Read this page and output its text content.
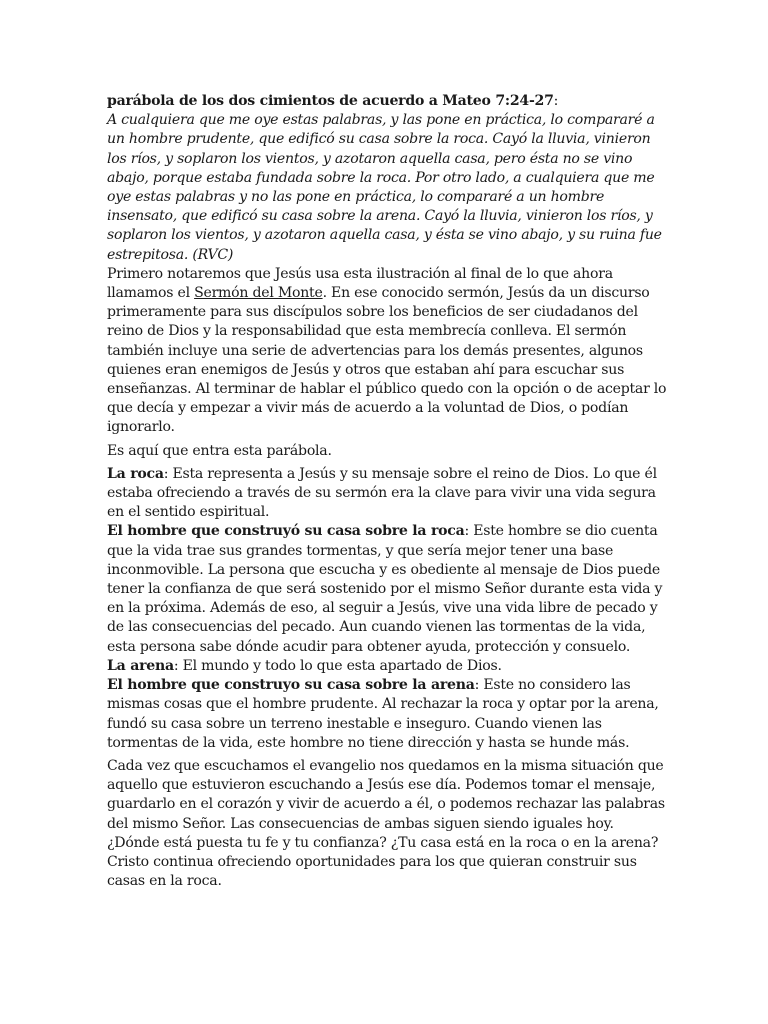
parábola de los dos cimientos de acuerdo a Mateo 7:24-27:

A cualquiera que me oye estas palabras, y las pone en práctica, lo compararé a un hombre prudente, que edificó su casa sobre la roca. Cayó la lluvia, vinieron los ríos, y soplaron los vientos, y azotaron aquella casa, pero ésta no se vino abajo, porque estaba fundada sobre la roca. Por otro lado, a cualquiera que me oye estas palabras y no las pone en práctica, lo compararé a un hombre insensato, que edificó su casa sobre la arena. Cayó la lluvia, vinieron los ríos, y soplaron los vientos, y azotaron aquella casa, y ésta se vino abajo, y su ruina fue estrepitosa. (RVC)

Primero notaremos que Jesús usa esta ilustración al final de lo que ahora llamamos el Sermón del Monte. En ese conocido sermón, Jesús da un discurso primeramente para sus discípulos sobre los beneficios de ser ciudadanos del reino de Dios y la responsabilidad que esta membrecía conlleva. El sermón también incluye una serie de advertencias para los demás presentes, algunos quienes eran enemigos de Jesús y otros que estaban ahí para escuchar sus enseñanzas. Al terminar de hablar el público quedo con la opción o de aceptar lo que decía y empezar a vivir más de acuerdo a la voluntad de Dios, o podían ignorarlo.

Es aquí que entra esta parábola.

La roca: Esta representa a Jesús y su mensaje sobre el reino de Dios. Lo que él estaba ofreciendo a través de su sermón era la clave para vivir una vida segura en el sentido espiritual.

El hombre que construyó su casa sobre la roca: Este hombre se dio cuenta que la vida trae sus grandes tormentas, y que sería mejor tener una base inconmovible. La persona que escucha y es obediente al mensaje de Dios puede tener la confianza de que será sostenido por el mismo Señor durante esta vida y en la próxima. Además de eso, al seguir a Jesús, vive una vida libre de pecado y de las consecuencias del pecado. Aun cuando vienen las tormentas de la vida, esta persona sabe dónde acudir para obtener ayuda, protección y consuelo.

La arena: El mundo y todo lo que esta apartado de Dios.

El hombre que construyo su casa sobre la arena: Este no considero las mismas cosas que el hombre prudente. Al rechazar la roca y optar por la arena, fundó su casa sobre un terreno inestable e inseguro. Cuando vienen las tormentas de la vida, este hombre no tiene dirección y hasta se hunde más.

Cada vez que escuchamos el evangelio nos quedamos en la misma situación que aquello que estuvieron escuchando a Jesús ese día. Podemos tomar el mensaje, guardarlo en el corazón y vivir de acuerdo a él, o podemos rechazar las palabras del mismo Señor. Las consecuencias de ambas siguen siendo iguales hoy. ¿Dónde está puesta tu fe y tu confianza? ¿Tu casa está en la roca o en la arena? Cristo continua ofreciendo oportunidades para los que quieran construir sus casas en la roca.
